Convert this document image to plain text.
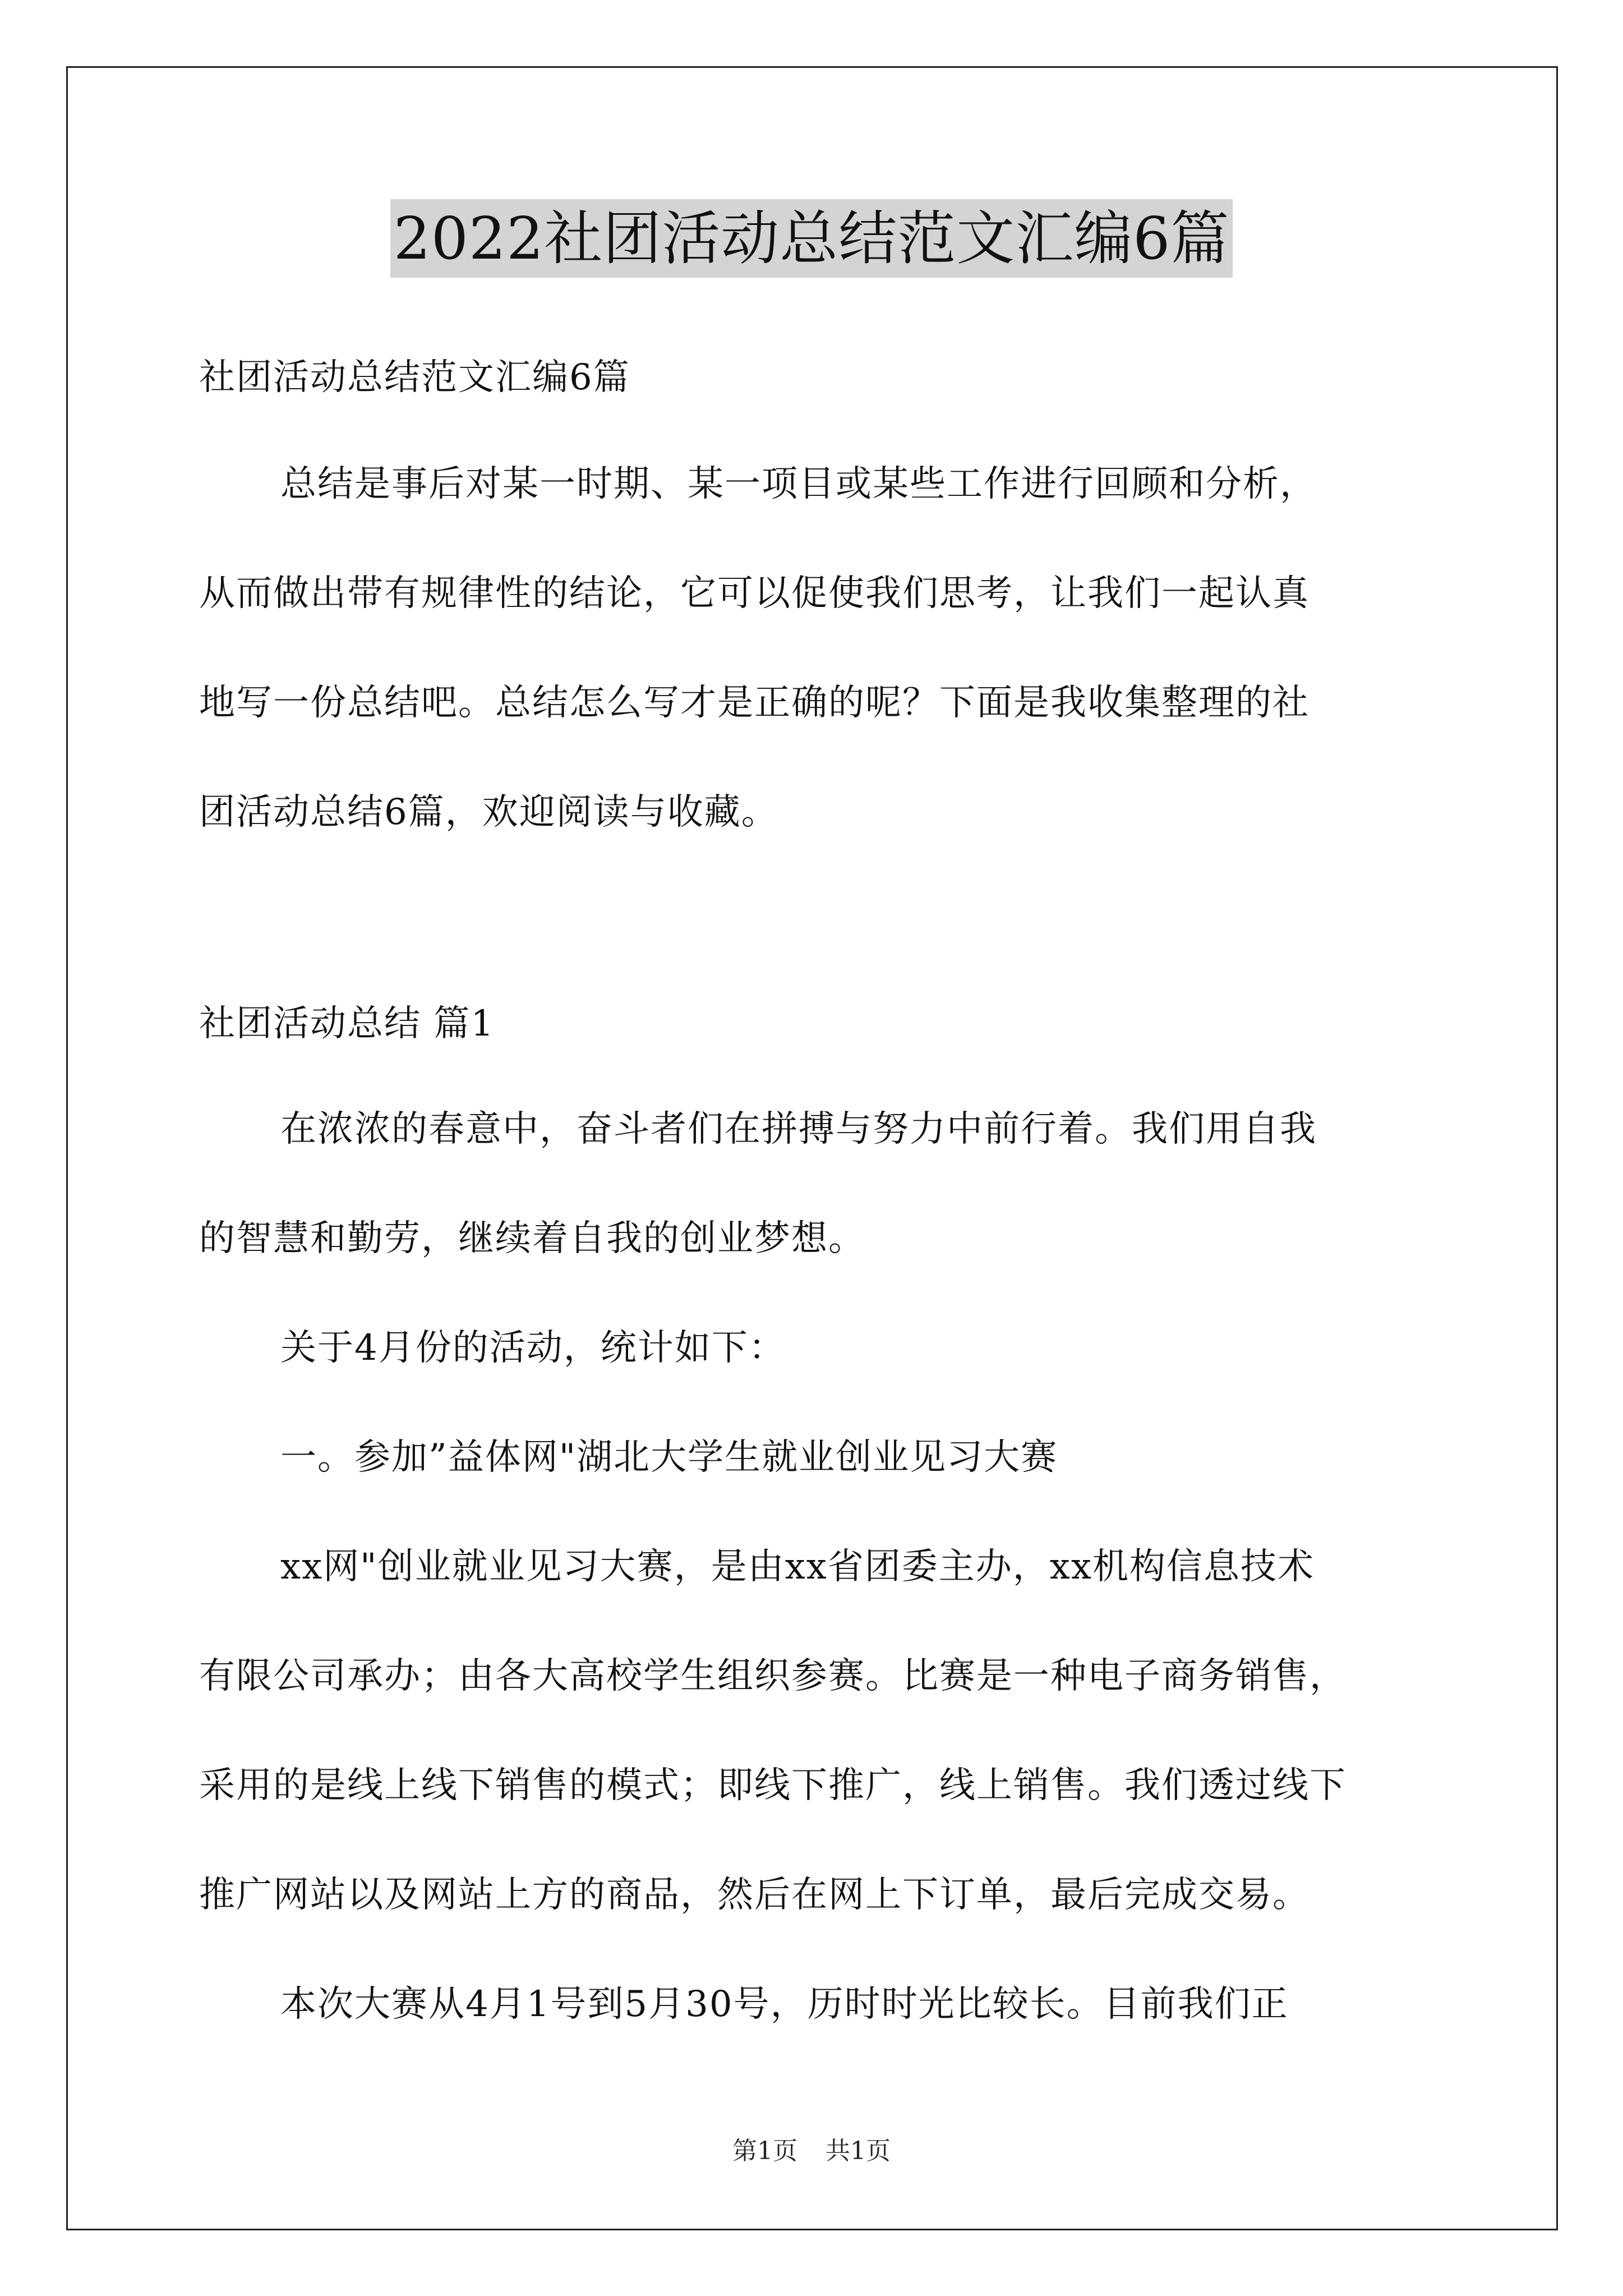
2022社团活动总结范文汇编6篇
社团活动总结范文汇编6篇
总结是事后对某一时期、某一项目或某些工作进行回顾和分析，
从而做出带有规律性的结论，它可以促使我们思考，让我们一起认真
地写一份总结吧。总结怎么写才是正确的呢？下面是我收集整理的社
团活动总结6篇，欢迎阅读与收藏。
社团活动总结 篇1
在浓浓的春意中，奋斗者们在拼搏与努力中前行着。我们用自我
的智慧和勤劳，继续着自我的创业梦想。
关于4月份的活动，统计如下：
一。参加”益体网"湖北大学生就业创业见习大赛
xx网"创业就业见习大赛，是由xx省团委主办，xx机构信息技术
有限公司承办；由各大高校学生组织参赛。比赛是一种电子商务销售，
采用的是线上线下销售的模式；即线下推广，线上销售。我们透过线下
推广网站以及网站上方的商品，然后在网上下订单，最后完成交易。
本次大赛从4月1号到5月30号，历时时光比较长。目前我们正
第1页 共1页
